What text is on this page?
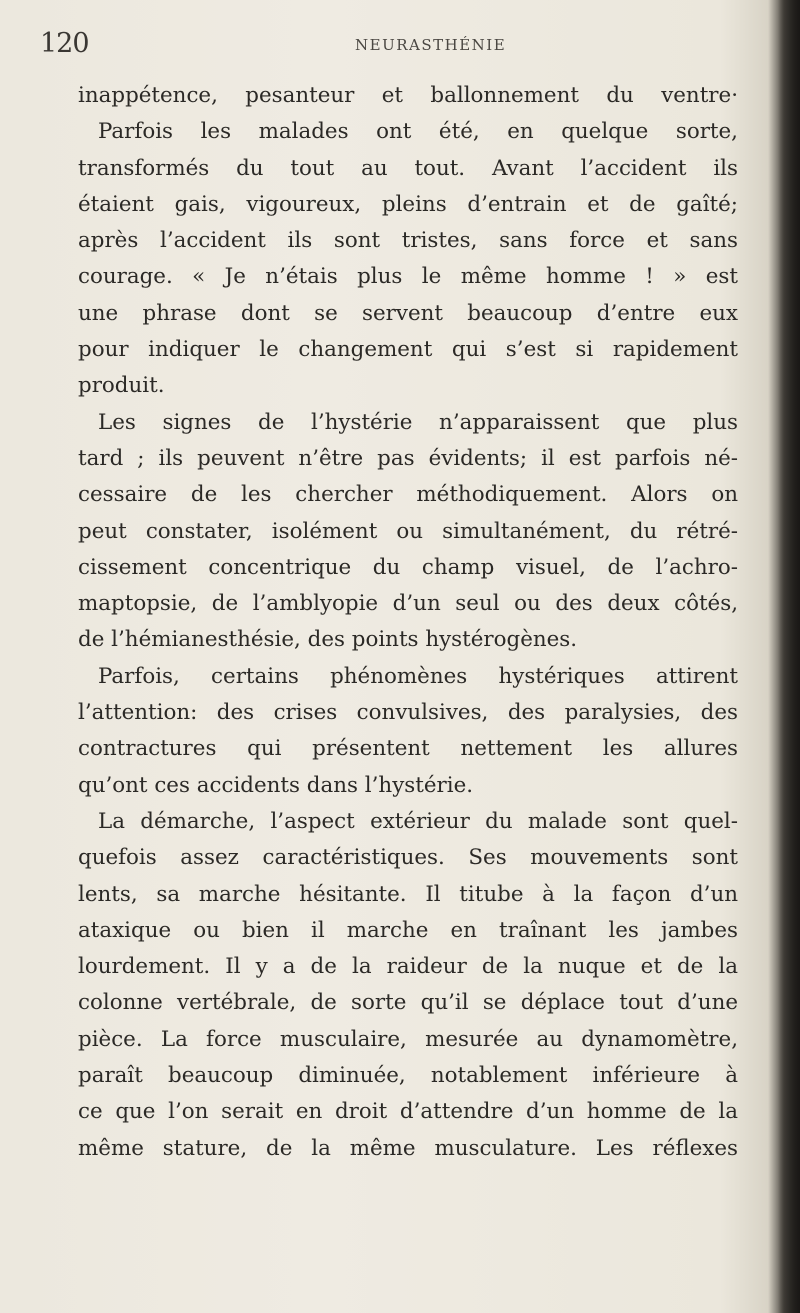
120	NEURASTHÉNIE
inappétence, pesanteur et ballonnement du ventre·
Parfois les malades ont été, en quelque sorte,
transformés du tout au tout. Avant l’accident ils
étaient gais, vigoureux, pleins d’entrain et de gaîté;
après l’accident ils sont tristes, sans force et sans
courage. « Je n’étais plus le même homme ! » est
une phrase dont se servent beaucoup d’entre eux
pour indiquer le changement qui s’est si rapidement
produit.
Les signes de l’hystérie n’apparaissent que plus
tard ; ils peuvent n’être pas évidents; il est parfois né-
cessaire de les chercher méthodiquement. Alors on
peut constater, isolément ou simultanément, du rétré-
cissement concentrique du champ visuel, de l’achro-
maptopsie, de l’amblyopie d’un seul ou des deux côtés,
de l’hémianesthésie, des points hystérogènes.
Parfois, certains phénomènes hystériques attirent
l’attention: des crises convulsives, des paralysies, des
contractures qui présentent nettement les allures
qu’ont ces accidents dans l’hystérie.
La démarche, l’aspect extérieur du malade sont quel-
quefois assez caractéristiques. Ses mouvements sont
lents, sa marche hésitante. Il titube à la façon d’un
ataxique ou bien il marche en traînant les jambes
lourdement. Il y a de la raideur de la nuque et de la
colonne vertébrale, de sorte qu’il se déplace tout d’une
pièce. La force musculaire, mesurée au dynamomètre,
paraît beaucoup diminuée, notablement inférieure à
ce que l’on serait en droit d’attendre d’un homme de la
même stature, de la même musculature. Les réflexes
